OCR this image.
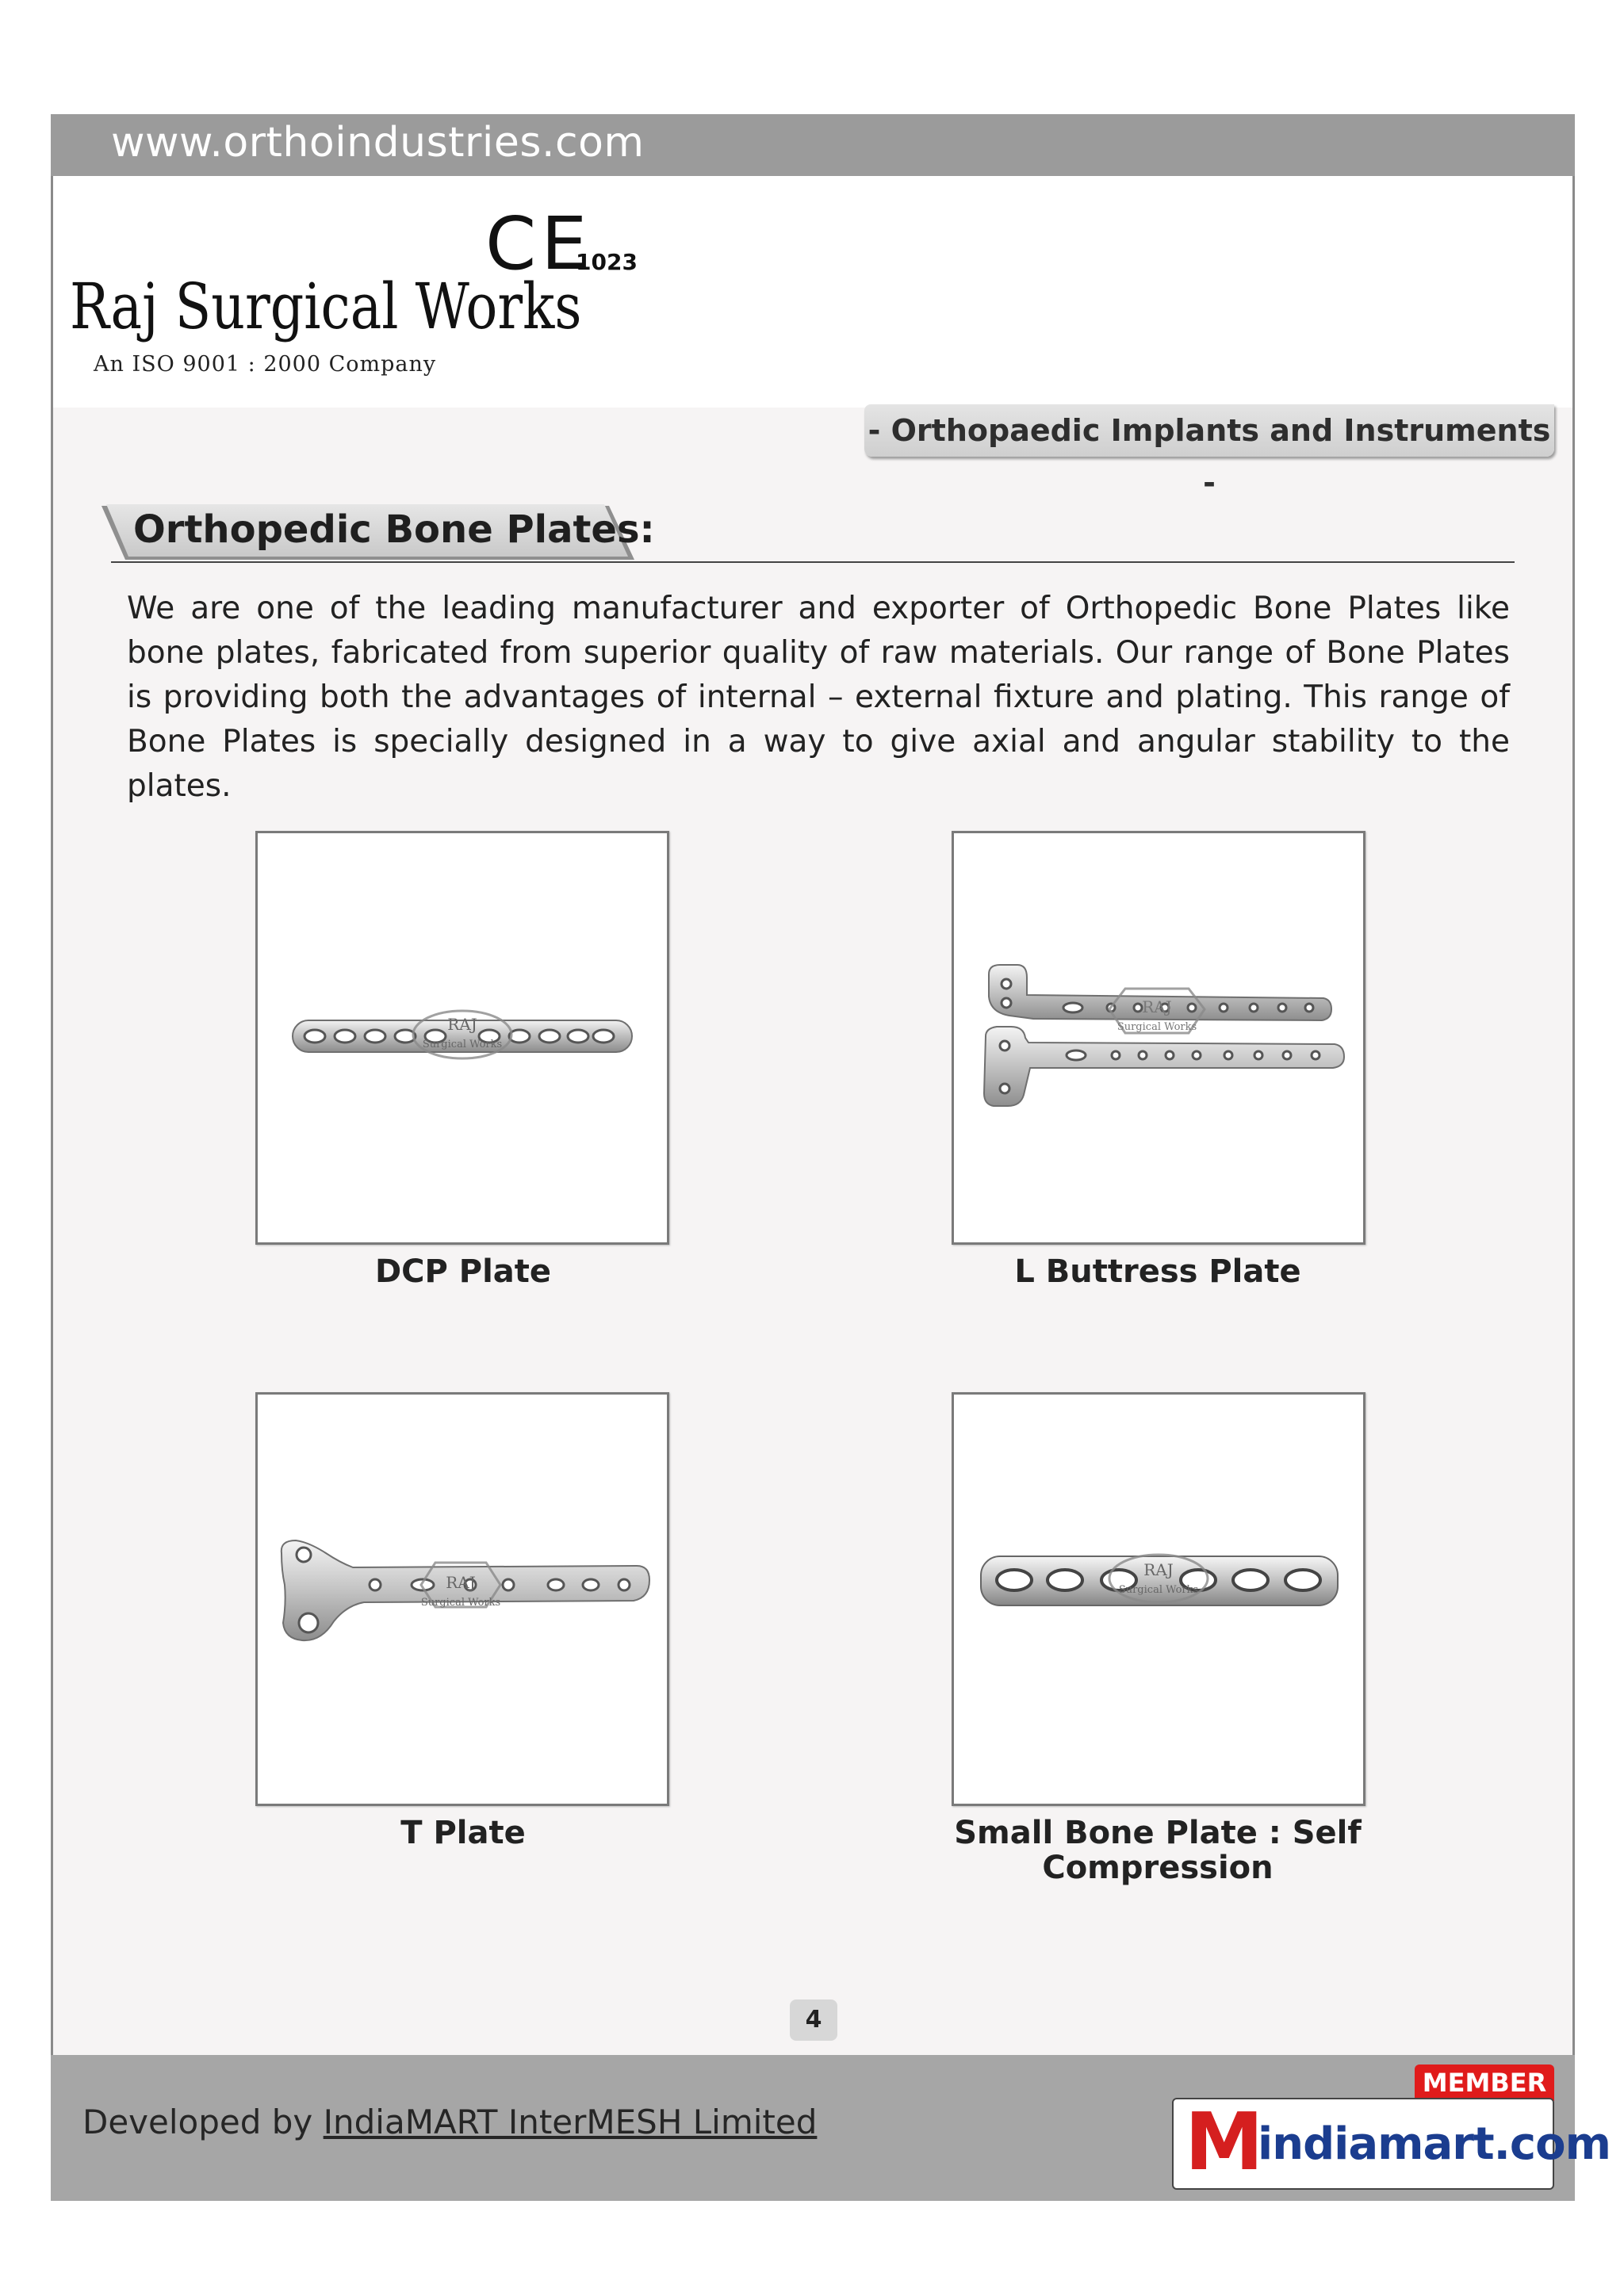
www.orthoindustries.com
CE
1023
Raj Surgical Works
An ISO 9001 : 2000 Company
- Orthopaedic Implants and Instruments -
Orthopedic Bone Plates:

We are one of the leading manufacturer and exporter of Orthopedic Bone Plates like bone plates, fabricated from superior quality of raw materials. Our range of Bone Plates is providing both the advantages of internal – external fixture and plating. This range of Bone Plates is specially designed in a way to give axial and angular stability to the plates.

RAJ
Surgical Works
DCP Plate
RAJ
Surgical Works
L Buttress Plate
RAJ
Surgical Works
T Plate
RAJ
Surgical Works
Small Bone Plate : Self Compression
4
Developed by IndiaMART InterMESH Limited
MEMBER
M
indiamart.com
